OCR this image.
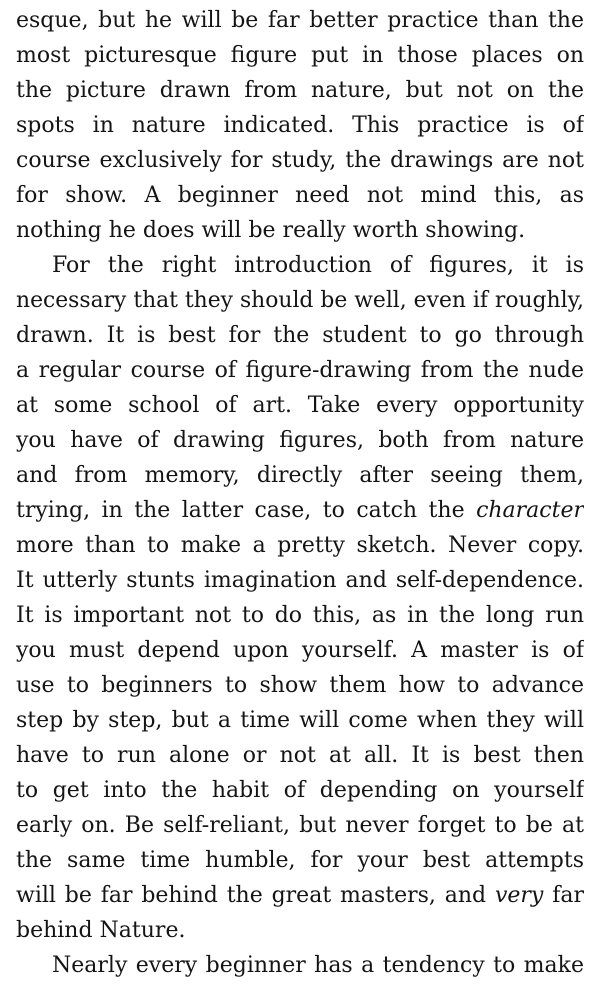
esque, but he will be far better practice than the
most picturesque figure put in those places on
the picture drawn from nature, but not on the
spots in nature indicated. This practice is of
course exclusively for study, the drawings are not
for show. A beginner need not mind this, as
nothing he does will be really worth showing.
For the right introduction of figures, it is
necessary that they should be well, even if roughly,
drawn. It is best for the student to go through
a regular course of figure-drawing from the nude
at some school of art. Take every opportunity
you have of drawing figures, both from nature
and from memory, directly after seeing them,
trying, in the latter case, to catch the character
more than to make a pretty sketch. Never copy.
It utterly stunts imagination and self-dependence.
It is important not to do this, as in the long run
you must depend upon yourself. A master is of
use to beginners to show them how to advance
step by step, but a time will come when they will
have to run alone or not at all. It is best then
to get into the habit of depending on yourself
early on. Be self-reliant, but never forget to be at
the same time humble, for your best attempts
will be far behind the great masters, and very far
behind Nature.
Nearly every beginner has a tendency to make
